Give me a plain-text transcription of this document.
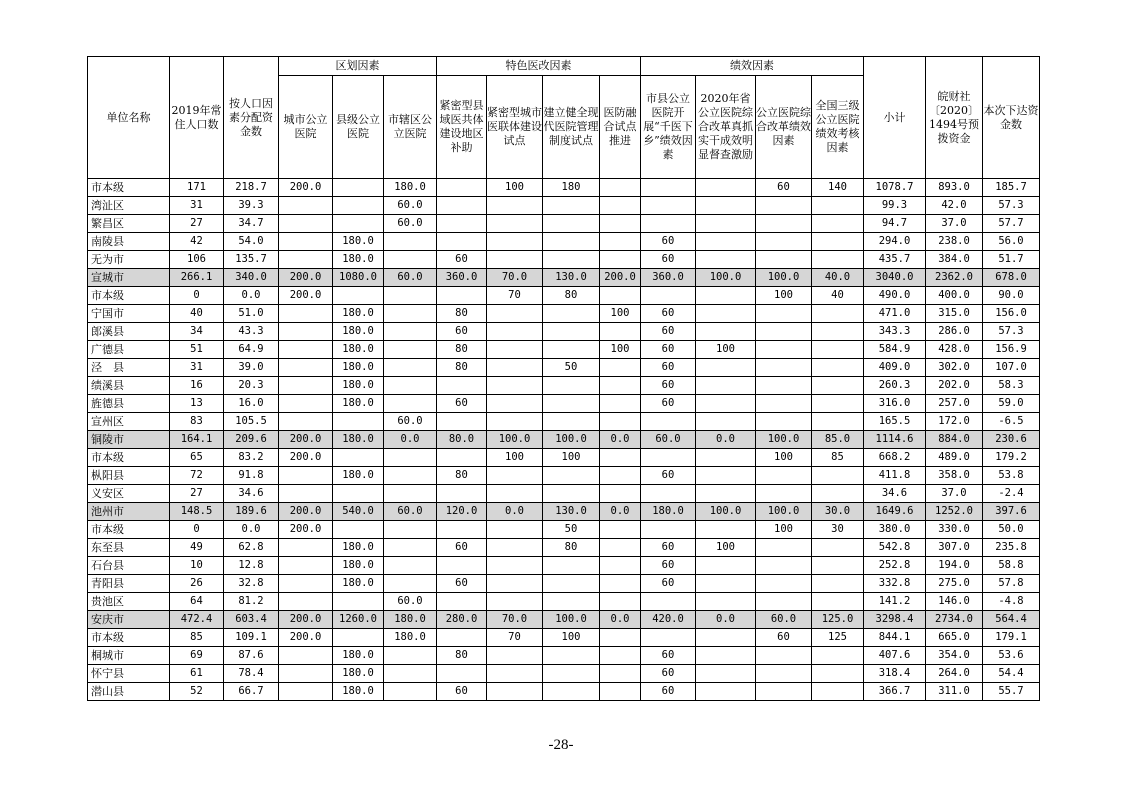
单位名称	2019年常住人口数	按人口因素分配资金数	区划因素			特色医改因素				绩效因素				小计	皖财社〔2020〕1494号预拨资金	本次下达资金数
			城市公立医院	县级公立医院	市辖区公立医院	紧密型县域医共体建设地区补助	紧密型城市医联体建设试点	建立健全现代医院管理制度试点	医防融合试点推进	市县公立医院开展“千医下乡”绩效因素	2020年省公立医院综合改革真抓实干成效明显督查激励	公立医院综合改革绩效因素	全国三级公立医院绩效考核因素			
市本级	171	218.7	200.0		180.0		100	180				60	140	1078.7	893.0	185.7
湾沚区	31	39.3			60.0									99.3	42.0	57.3
繁昌区	27	34.7			60.0									94.7	37.0	57.7
南陵县	42	54.0		180.0						60				294.0	238.0	56.0
无为市	106	135.7		180.0		60				60				435.7	384.0	51.7
宣城市	266.1	340.0	200.0	1080.0	60.0	360.0	70.0	130.0	200.0	360.0	100.0	100.0	40.0	3040.0	2362.0	678.0
市本级	0	0.0	200.0				70	80				100	40	490.0	400.0	90.0
宁国市	40	51.0		180.0		80			100	60				471.0	315.0	156.0
郎溪县	34	43.3		180.0		60				60				343.3	286.0	57.3
广德县	51	64.9		180.0		80			100	60	100			584.9	428.0	156.9
泾　县	31	39.0		180.0		80		50		60				409.0	302.0	107.0
绩溪县	16	20.3		180.0						60				260.3	202.0	58.3
旌德县	13	16.0		180.0		60				60				316.0	257.0	59.0
宣州区	83	105.5			60.0									165.5	172.0	-6.5
铜陵市	164.1	209.6	200.0	180.0	0.0	80.0	100.0	100.0	0.0	60.0	0.0	100.0	85.0	1114.6	884.0	230.6
市本级	65	83.2	200.0				100	100				100	85	668.2	489.0	179.2
枞阳县	72	91.8		180.0		80				60				411.8	358.0	53.8
义安区	27	34.6												34.6	37.0	-2.4
池州市	148.5	189.6	200.0	540.0	60.0	120.0	0.0	130.0	0.0	180.0	100.0	100.0	30.0	1649.6	1252.0	397.6
市本级	0	0.0	200.0					50				100	30	380.0	330.0	50.0
东至县	49	62.8		180.0		60		80		60	100			542.8	307.0	235.8
石台县	10	12.8		180.0						60				252.8	194.0	58.8
青阳县	26	32.8		180.0		60				60				332.8	275.0	57.8
贵池区	64	81.2			60.0									141.2	146.0	-4.8
安庆市	472.4	603.4	200.0	1260.0	180.0	280.0	70.0	100.0	0.0	420.0	0.0	60.0	125.0	3298.4	2734.0	564.4
市本级	85	109.1	200.0		180.0		70	100				60	125	844.1	665.0	179.1
桐城市	69	87.6		180.0		80				60				407.6	354.0	53.6
怀宁县	61	78.4		180.0						60				318.4	264.0	54.4
潜山县	52	66.7		180.0		60				60				366.7	311.0	55.7
-28-
